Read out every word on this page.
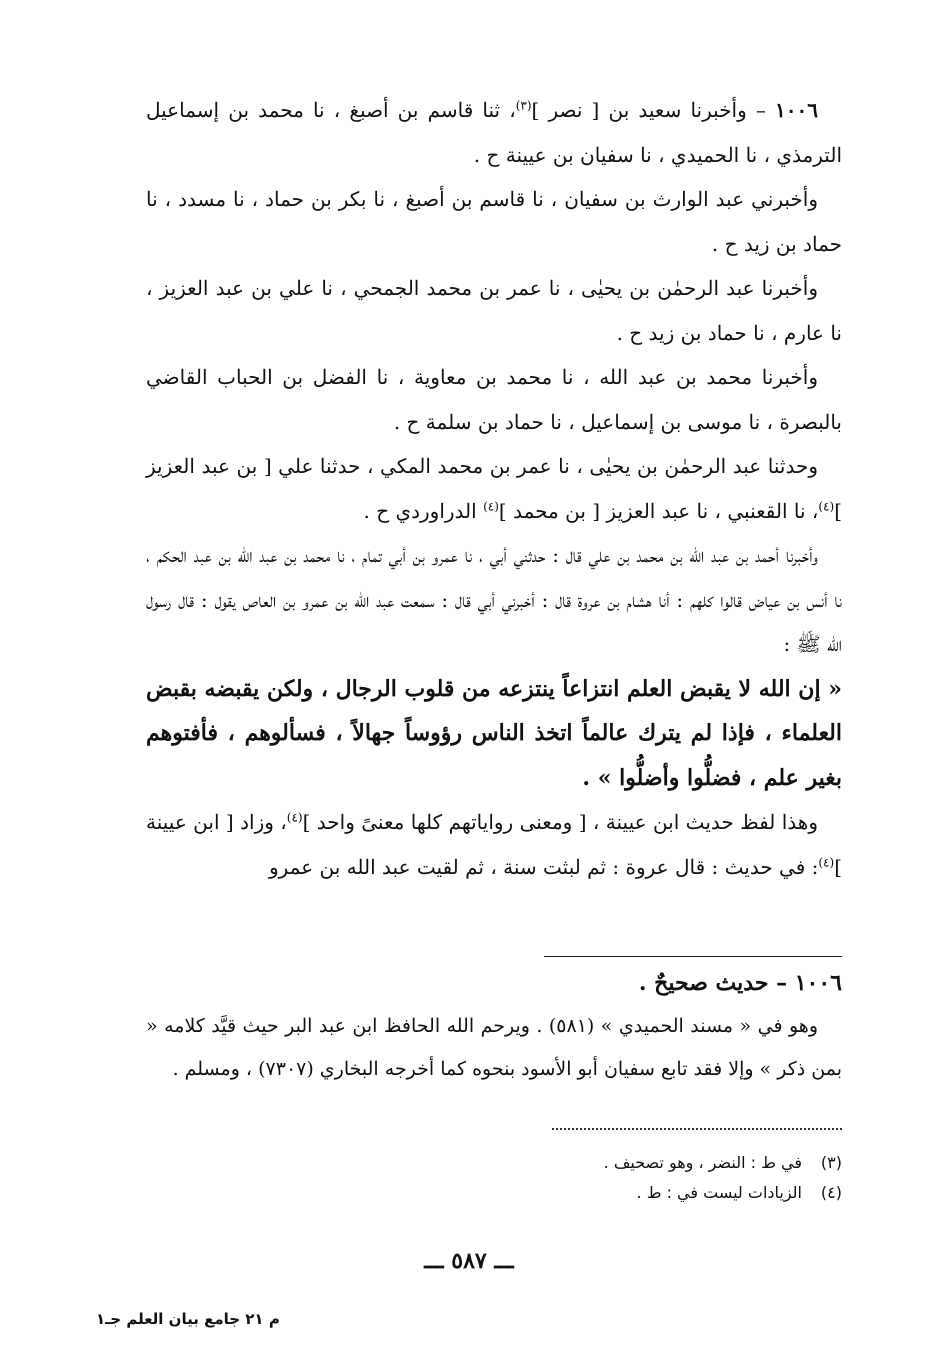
١٠٠٦ – وأخبرنا سعيد بن [ نصر ]$^{(٣)}$، ثنا قاسم بن أصبغ ، نا محمد بن إسماعيل الترمذي ، نا الحميدي ، نا سفيان بن عيينة ح .

وأخبرني عبد الوارث بن سفيان ، نا قاسم بن أصبغ ، نا بكر بن حماد ، نا مسدد ، نا حماد بن زيد ح .

وأخبرنا عبد الرحمٰن بن يحيٰى ، نا عمر بن محمد الجمحي ، نا علي بن عبد العزيز ، نا عارم ، نا حماد بن زيد ح .

وأخبرنا محمد بن عبد الله ، نا محمد بن معاوية ، نا الفضل بن الحباب القاضي بالبصرة ، نا موسى بن إسماعيل ، نا حماد بن سلمة ح .

وحدثنا عبد الرحمٰن بن يحيٰى ، نا عمر بن محمد المكي ، حدثنا علي [ بن عبد العزيز ]$^{(٤)}$، نا القعنبي ، نا عبد العزيز [ بن محمد ]$^{(٤)}$ الدراوردي ح .

وأخبرنا أحمد بن عبد الله بن محمد بن علي قال : حدثني أبي ، نا عمرو بن أبي تمام ، نا محمد بن عبد الله بن عبد الحكم ، نا أنس بن عياض قالوا كلهم : أنا هشام بن عروة قال : أخبرني أبي قال : سمعت عبد الله بن عمرو بن العاص يقول : قال رسول الله ﷺ :

« إن الله لا يقبض العلم انتزاعاً ينتزعه من قلوب الرجال ، ولكن يقبضه بقبض العلماء ، فإذا لم يترك عالماً اتخذ الناس رؤوساً جهالاً ، فسألوهم ، فأفتوهم بغير علم ، فضلُّوا وأضلُّوا » .

وهذا لفظ حديث ابن عيينة ، [ ومعنى رواياتهم كلها معنىً واحد ]$^{(٤)}$، وزاد [ ابن عيينة ]$^{(٤)}$: في حديث : قال عروة : ثم لبثت سنة ، ثم لقيت عبد الله بن عمرو

١٠٠٦ – حديث صحيحٌ .

وهو في « مسند الحميدي » (٥٨١) . ويرحم الله الحافظ ابن عبد البر حيث قيَّد كلامه « بمن ذكر » وإلا فقد تابع سفيان أبو الأسود بنحوه كما أخرجه البخاري (٧٣٠٧) ، ومسلم .

(٣)
في ط : النضر ، وهو تصحيف .
(٤)
الزيادات ليست في : ط .
ـــ ٥٨٧ ـــ
م ٢١ جامع بيان العلم جـ١
